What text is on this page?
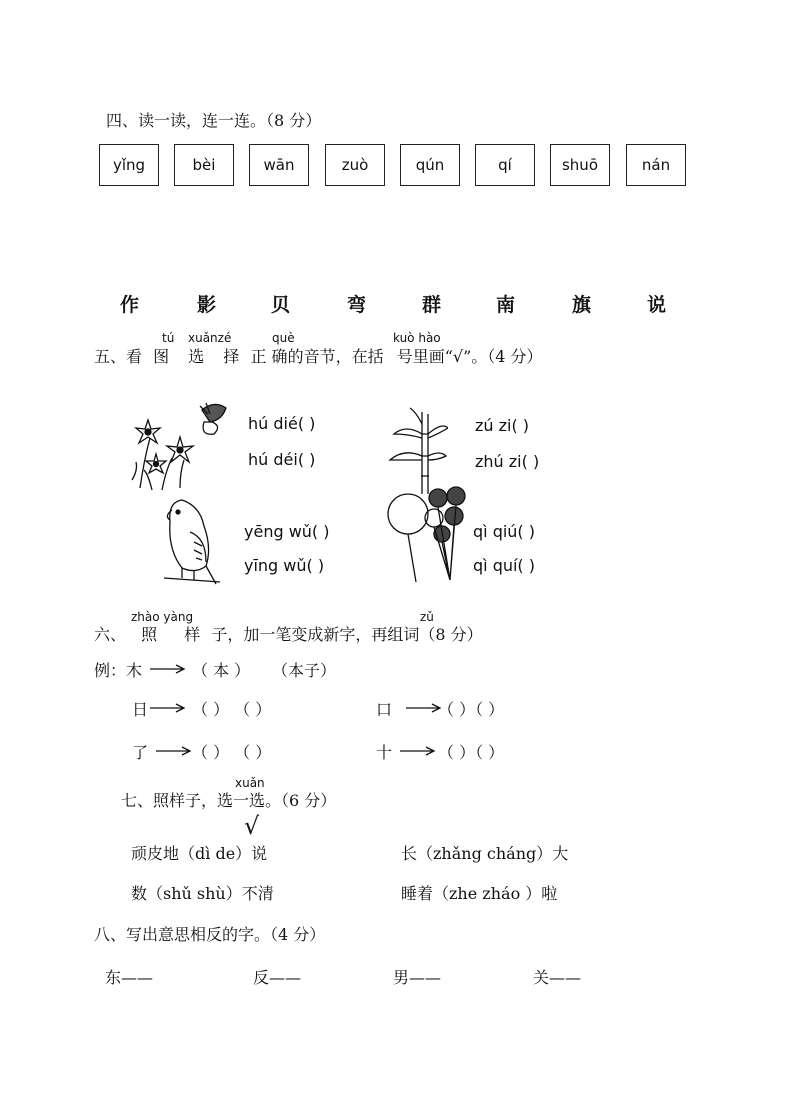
四、读一读，连一连。（8 分）
yǐng	bèi	wān	zuò	qún	qí	shuō	nán
作	影	贝	弯	群	南	旗	说
tú xuǎnzé	què	kuò hào
五、看 图 选 择 正 确的音节，在括 号里画“√”。（4 分）
hú dié( )
hú déi( )
zú zi( )
zhú zi( )
yēng wǔ( )
yīng wǔ( )
qì qiú( )
qì quí( )
zhào yàng	zǔ
六、 照 样 子，加一笔变成新字，再组词（8 分）
例：木	（ 本 ） （本子）
日	（ ） （ ）	口	（ ）（ ）
了	（ ） （ ）	十	（ ）（ ）
xuǎn
七、照样子，选一选。（6 分）
√
顽皮地（dì de）说	长（zhǎng cháng）大
数（shǔ shù）不清	睡着（zhe zháo ）啦
八、写出意思相反的字。（4 分）
东——	反——	男——	关——
